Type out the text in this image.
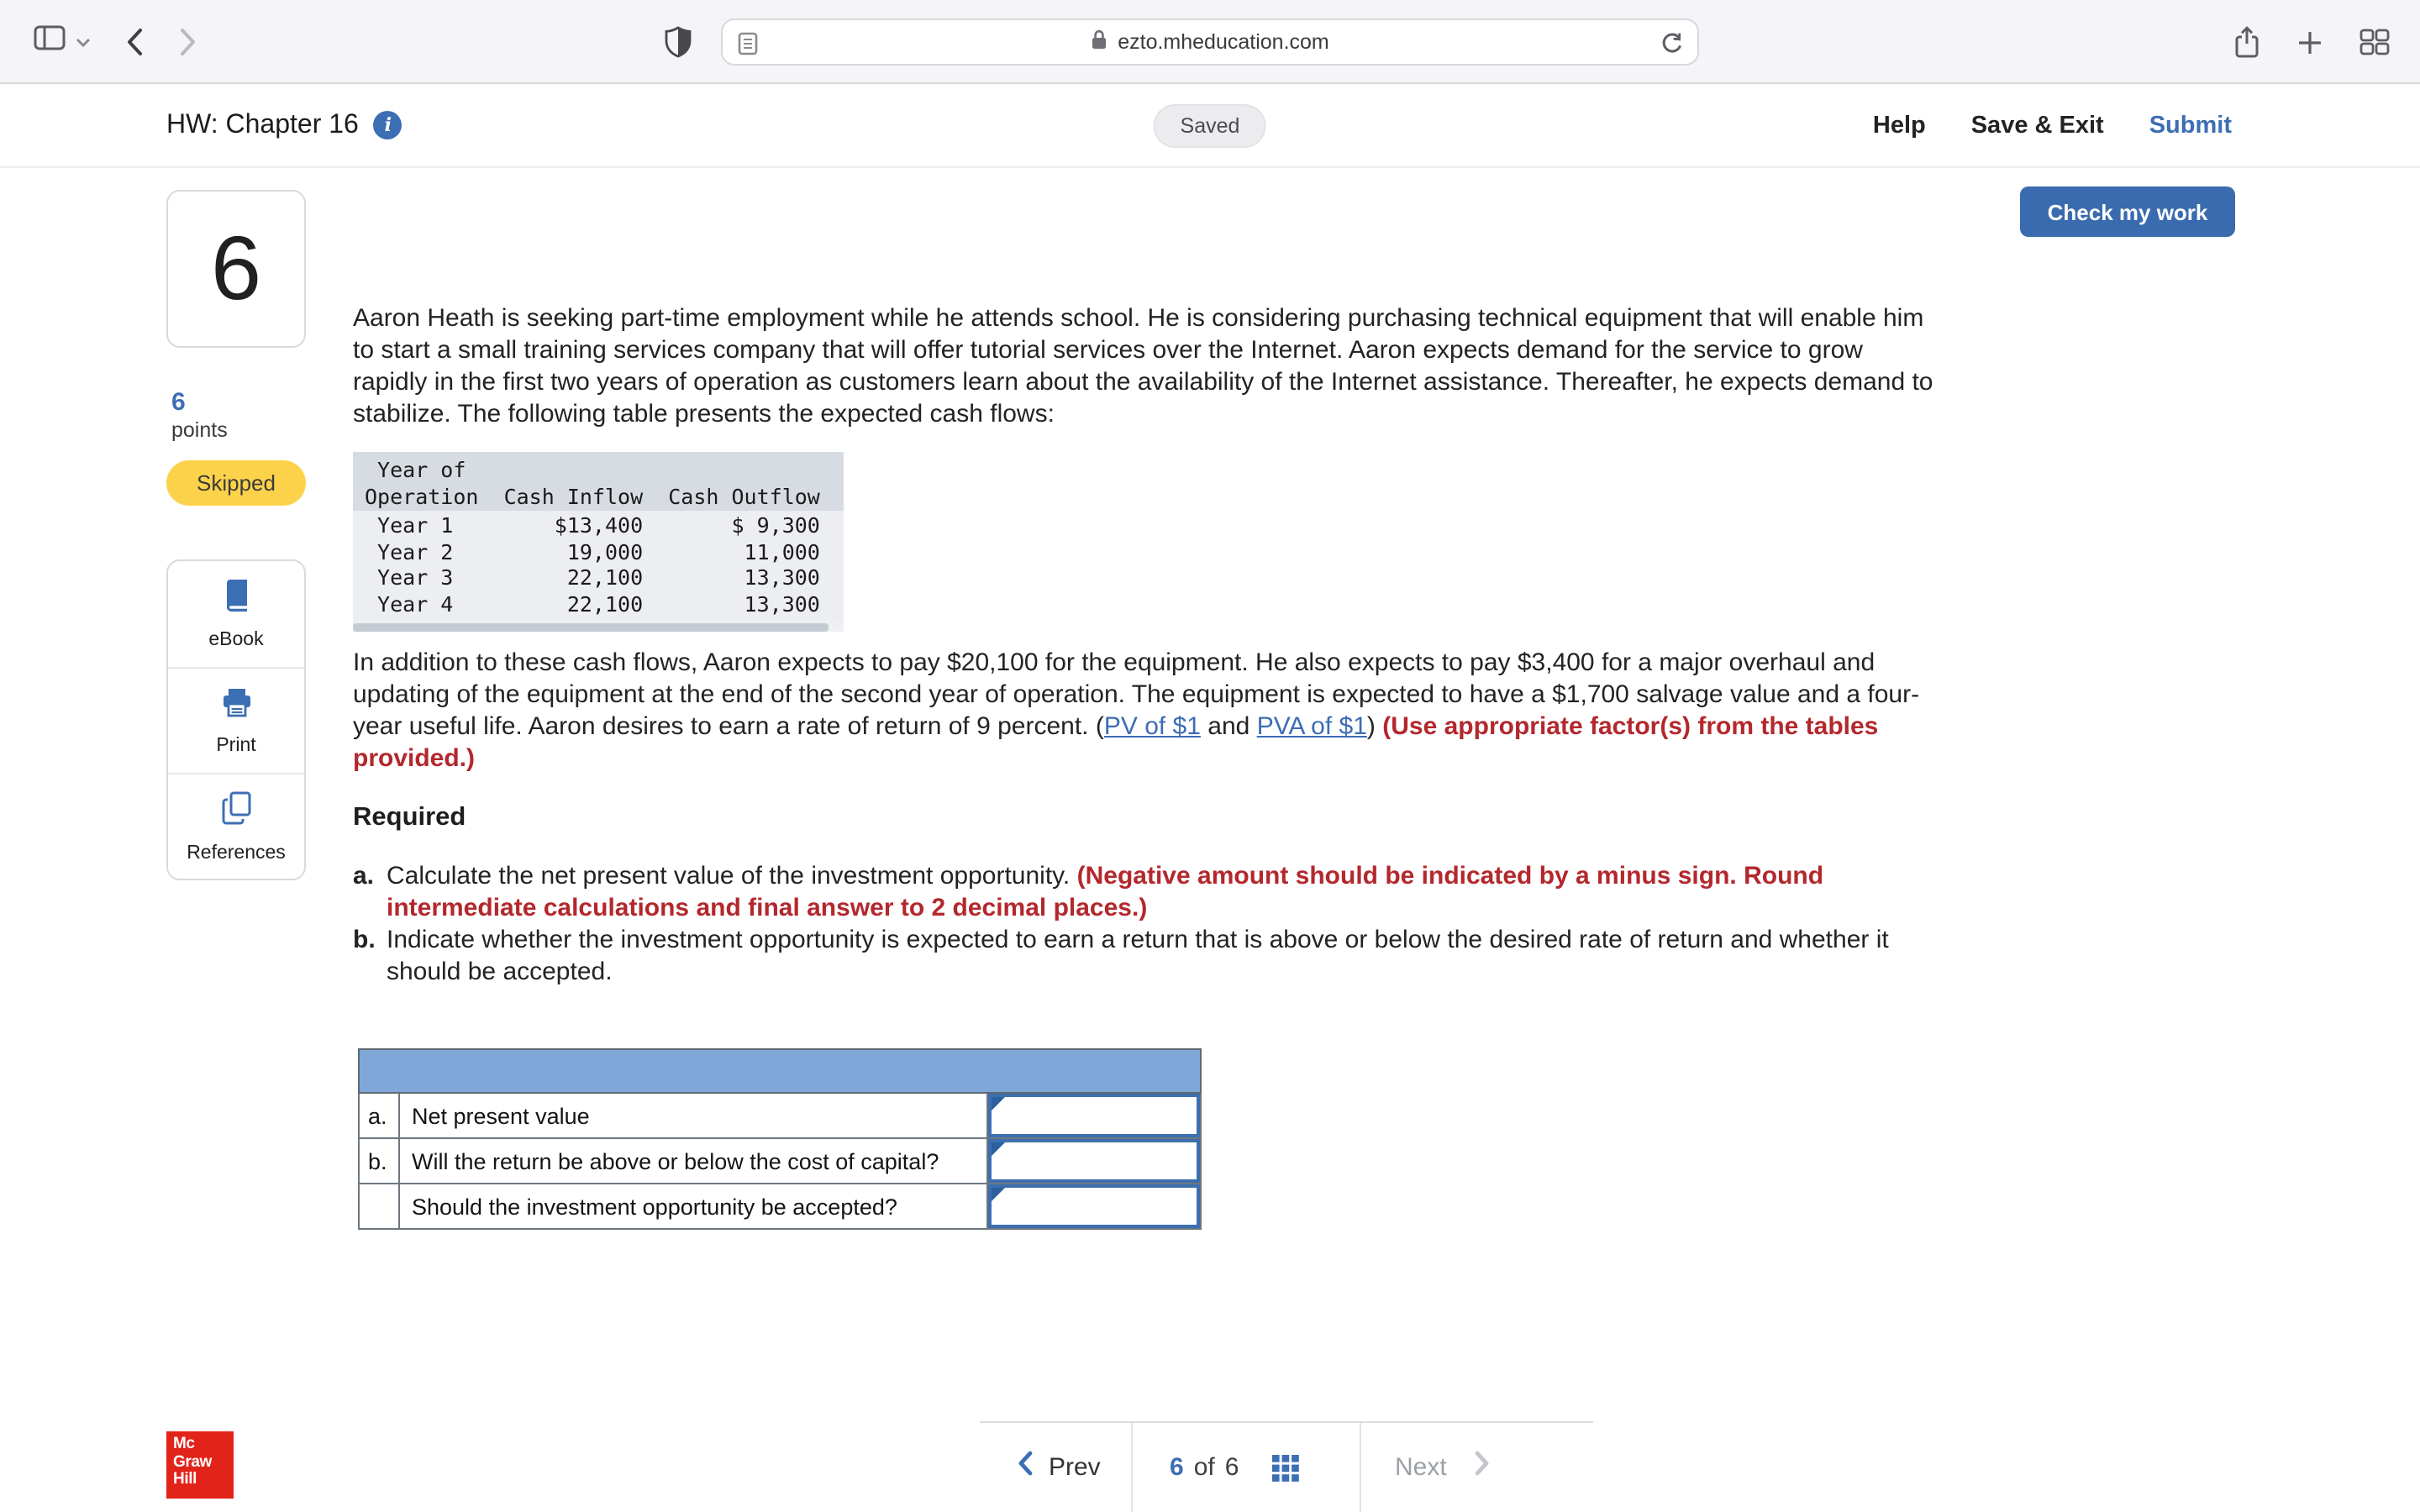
ezto.mheducation.com
HW: Chapter 16	i	Saved	Help	Save & Exit	Submit
Check my work
6
6
points
Skipped
eBook
Print
References

Aaron Heath is seeking part-time employment while he attends school. He is considering purchasing technical equipment that will enable him to start a small training services company that will offer tutorial services over the Internet. Aaron expects demand for the service to grow rapidly in the first two years of operation as customers learn about the availability of the Internet assistance. Thereafter, he expects demand to stabilize. The following table presents the expected cash flows:

Year of
Operation  Cash Inflow  Cash Outflow
Year 1        $13,400       $ 9,300
Year 2         19,000        11,000
Year 3         22,100        13,300
Year 4         22,100        13,300

In addition to these cash flows, Aaron expects to pay $20,100 for the equipment. He also expects to pay $3,400 for a major overhaul and updating of the equipment at the end of the second year of operation. The equipment is expected to have a $1,700 salvage value and a four-year useful life. Aaron desires to earn a rate of return of 9 percent. (PV of $1 and PVA of $1) (Use appropriate factor(s) from the tables provided.)

Required
a. Calculate the net present value of the investment opportunity. (Negative amount should be indicated by a minus sign. Round intermediate calculations and final answer to 2 decimal places.)
b. Indicate whether the investment opportunity is expected to earn a return that is above or below the desired rate of return and whether it should be accepted.

a.	Net present value	

b.	Will the return be above or below the cost of capital?	

	Should the investment opportunity be accepted?	
Mc
Graw
Hill	Prev	6 of 6	Next
